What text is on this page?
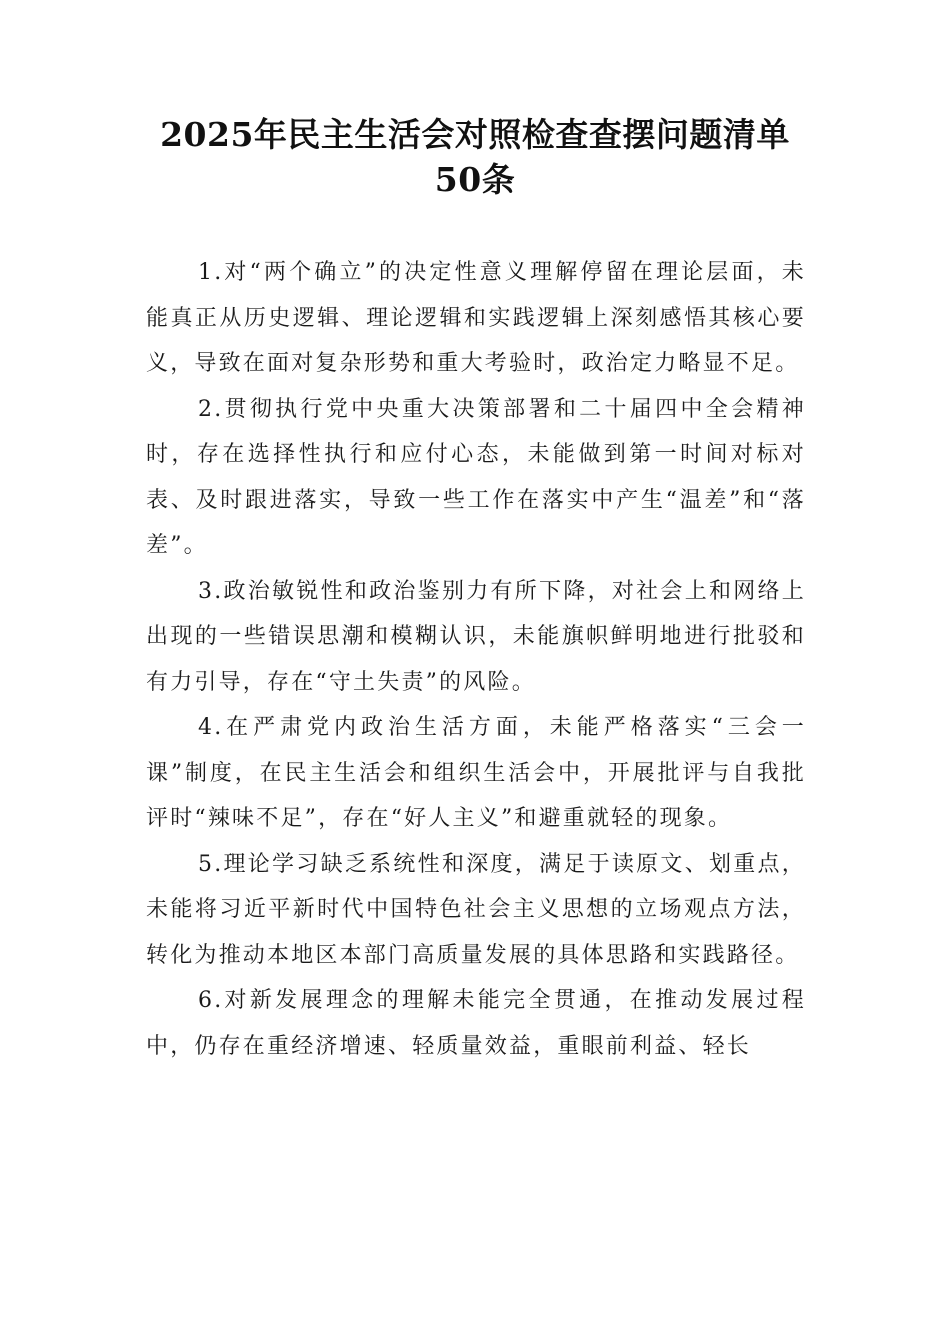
2025年民主生活会对照检查查摆问题清单
50条

1.对“两个确立”的决定性意义理解停留在理论层面，未能真正从历史逻辑、理论逻辑和实践逻辑上深刻感悟其核心要义，导致在面对复杂形势和重大考验时，政治定力略显不足。

2.贯彻执行党中央重大决策部署和二十届四中全会精神时，存在选择性执行和应付心态，未能做到第一时间对标对表、及时跟进落实，导致一些工作在落实中产生“温差”和“落差”。

3.政治敏锐性和政治鉴别力有所下降，对社会上和网络上出现的一些错误思潮和模糊认识，未能旗帜鲜明地进行批驳和有力引导，存在“守土失责”的风险。

4.在严肃党内政治生活方面，未能严格落实“三会一课”制度，在民主生活会和组织生活会中，开展批评与自我批评时“辣味不足”，存在“好人主义”和避重就轻的现象。

5.理论学习缺乏系统性和深度，满足于读原文、划重点，未能将习近平新时代中国特色社会主义思想的立场观点方法，转化为推动本地区本部门高质量发展的具体思路和实践路径。

6.对新发展理念的理解未能完全贯通，在推动发展过程中，仍存在重经济增速、轻质量效益，重眼前利益、轻长
